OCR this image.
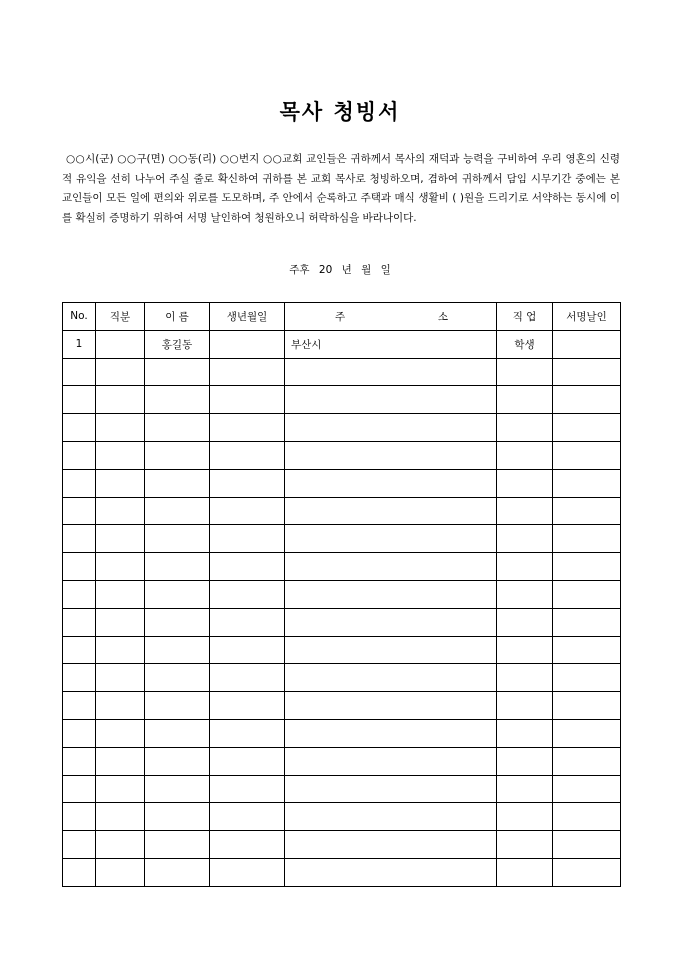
목사 청빙서

○○시(군) ○○구(면) ○○동(리) ○○번지 ○○교회 교인들은 귀하께서 목사의 재덕과 능력을 구비하여 우리 영혼의 신령적 유익을 선히 나누어 주실 줄로 확신하여 귀하를 본 교회 목사로 청빙하오며, 겸하여 귀하께서 담임 시무기간 중에는 본 교인들이 모든 일에 편의와 위로를 도모하며, 주 안에서 순록하고 주택과 매식 생활비 ( )원을 드리기로 서약하는 동시에 이를 확실히 증명하기 위하여 서명 날인하여 청원하오니 허락하심을 바라나이다.

주후 20 년 월 일
No.	직분	이 름	생년월일	주 소	직 업	서명날인
1		홍길동		부산시	학생	
